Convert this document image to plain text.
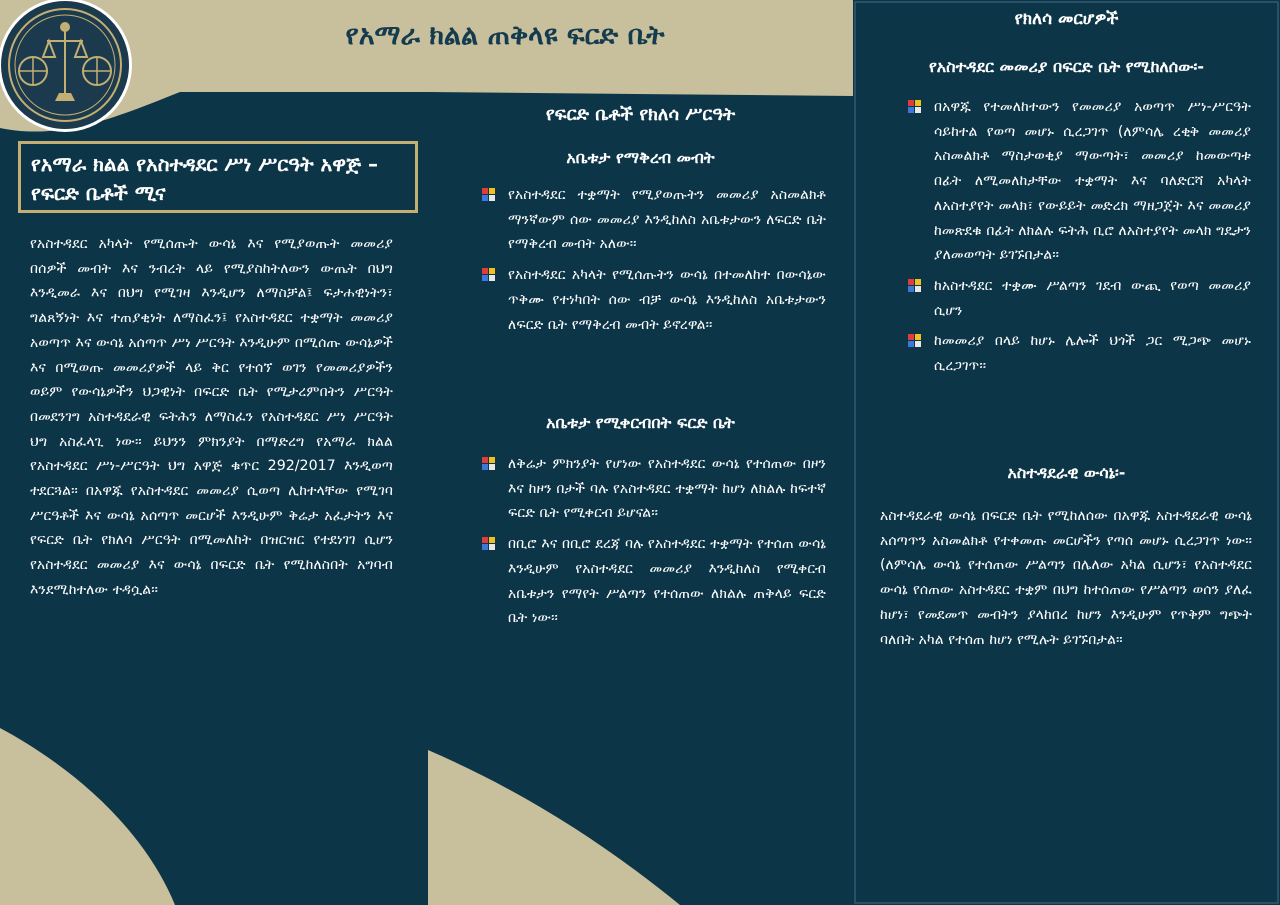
የአማራ ክልል ጠቅላዩ ፍርድ ቤት
የአማራ ክልል የአስተዳደር ሥነ ሥርዓት አዋጅ –የፍርድ ቤቶች ሚና
የአስተዳደር አካላት የሚሰጡት ውሳኔ እና የሚያወጡት መመሪያ በሰዎች መብት እና ንብረት ላይ የሚያስከትለውን ውጤት በህግ እንዲመራ እና በህግ የሚገዛ እንዲሆን ለማስቻል፤ ፍታሐዊነትን፣ ግልጸኝነት እና ተጠያቂነት ለማስፈን፤ የአስተዳደር ተቋማት መመሪያ አወጣጥ እና ውሳኔ አሰጣጥ ሥነ ሥርዓት እንዲሁም በሚሰጡ ውሳኔዎች እና በሚወጡ መመሪያዎች ላይ ቅር የተሰኘ ወገን የመመሪያዎችን ወይም የውሳኔዎችን ህጋዊነት በፍርድ ቤት የሚታረምበትን ሥርዓት በመደንገግ አስተዳደራዊ ፍትሕን ለማስፈን የአስተዳደር ሥነ ሥርዓት ህግ አስፈላጊ ነው፡፡ ይህንን ምክንያት በማድረግ የአማራ ክልል የአስተዳደር ሥነ-ሥርዓት ህግ አዋጅ ቁጥር 292/2017 እንዲወጣ ተደርጓል፡፡ በአዋጁ የአስተዳደር መመሪያ ሲወጣ ሊከተላቸው የሚገባ ሥርዓቶች እና ውሳኔ አሰጣጥ መርሆች እንዲሁም ቅሬታ አፈታትን እና የፍርድ ቤት የክለሳ ሥርዓት በሚመለከት በዝርዝር የተደነገገ ሲሆን የአስተዳደር መመሪያ እና ውሳኔ በፍርድ ቤት የሚከለስበት አግባብ እንደሚከተለው ተዳሷል፡፡
የፍርድ ቤቶች የክለሳ ሥርዓት
አቤቱታ የማቅረብ መብት
የአስተዳደር ተቋማት የሚያወጡትን መመሪያ አስመልክቶ ማንኛውም ሰው መመሪያ እንዲከለስ አቤቱታውን ለፍርድ ቤት የማቅረብ መብት አለው፡፡
የአስተዳደር አካላት የሚሰጡትን ውሳኔ በተመለከተ በውሳኔው ጥቅሙ የተነካበት ሰው ብቻ ውሳኔ እንዲከለስ አቤቱታውን ለፍርድ ቤት የማቅረብ መብት ይኖረዋል፡፡
አቤቱታ የሚቀርብበት ፍርድ ቤት
ለቅሬታ ምክንያት የሆነው የአስተዳደር ውሳኔ የተሰጠው በዞን እና ከዞን በታች ባሉ የአስተዳደር ተቋማት ከሆነ ለክልሉ ከፍተኛ ፍርድ ቤት የሚቀርብ ይሆናል፡፡
በቢሮ እና በቢሮ ደረጃ ባሉ የአስተዳደር ተቋማት የተሰጠ ውሳኔ እንዲሁም የአስተዳደር መመሪያ እንዲከለስ የሚቀርብ አቤቱታን የማየት ሥልጣን የተሰጠው ለክልሉ ጠቅላይ ፍርድ ቤት ነው፡፡
የክለሳ መርሆዎች
የአስተዳደር መመሪያ በፍርድ ቤት የሚከለሰው፡-
በአዋጁ የተመለከተውን የመመሪያ አወጣጥ ሥነ-ሥርዓት ሳይከተል የወጣ መሆኑ ሲረጋገጥ (ለምሳሌ ረቂቅ መመሪያ አስመልክቶ ማስታወቂያ ማውጣት፣ መመሪያ ከመውጣቱ በፊት ለሚመለከታቸው ተቋማት እና ባለድርሻ አካላት ለአስተያየት መላክ፣ የውይይት መድረክ ማዘጋጀት እና መመሪያ ከመጽደቁ በፊት ለክልሉ ፍትሕ ቢሮ ለአስተያየት መላክ ግዴታን ያለመወጣት ይገኙበታል፡፡
ከአስተዳደር ተቋሙ ሥልጣን ገደብ ውጪ የወጣ መመሪያ ሲሆን
ከመመሪያ በላይ ከሆኑ ሌሎች ህጎች ጋር ሚጋጭ መሆኑ ሲረጋገጥ፡፡
አስተዳደራዊ ውሳኔ፡-
አስተዳደራዊ ውሳኔ በፍርድ ቤት የሚከለሰው በአዋጁ አስተዳደራዊ ውሳኔ አሰጣጥን አስመልክቶ የተቀመጡ መርሆችን የጣሰ መሆኑ ሲረጋገጥ ነው፡፡ (ለምሳሌ ውሳኔ የተሰጠው ሥልጣን በሌለው አካል ሲሆን፣ የአስተዳደር ውሳኔ የሰጠው አስተዳደር ተቋም በህግ ከተሰጠው የሥልጣን ወሰን ያለፈ ከሆነ፣ የመደመጥ መብትን ያላከበረ ከሆን እንዲሁም የጥቅም ግጭት ባለበት አካል የተሰጠ ከሆነ የሚሉት ይገኙበታል፡፡
